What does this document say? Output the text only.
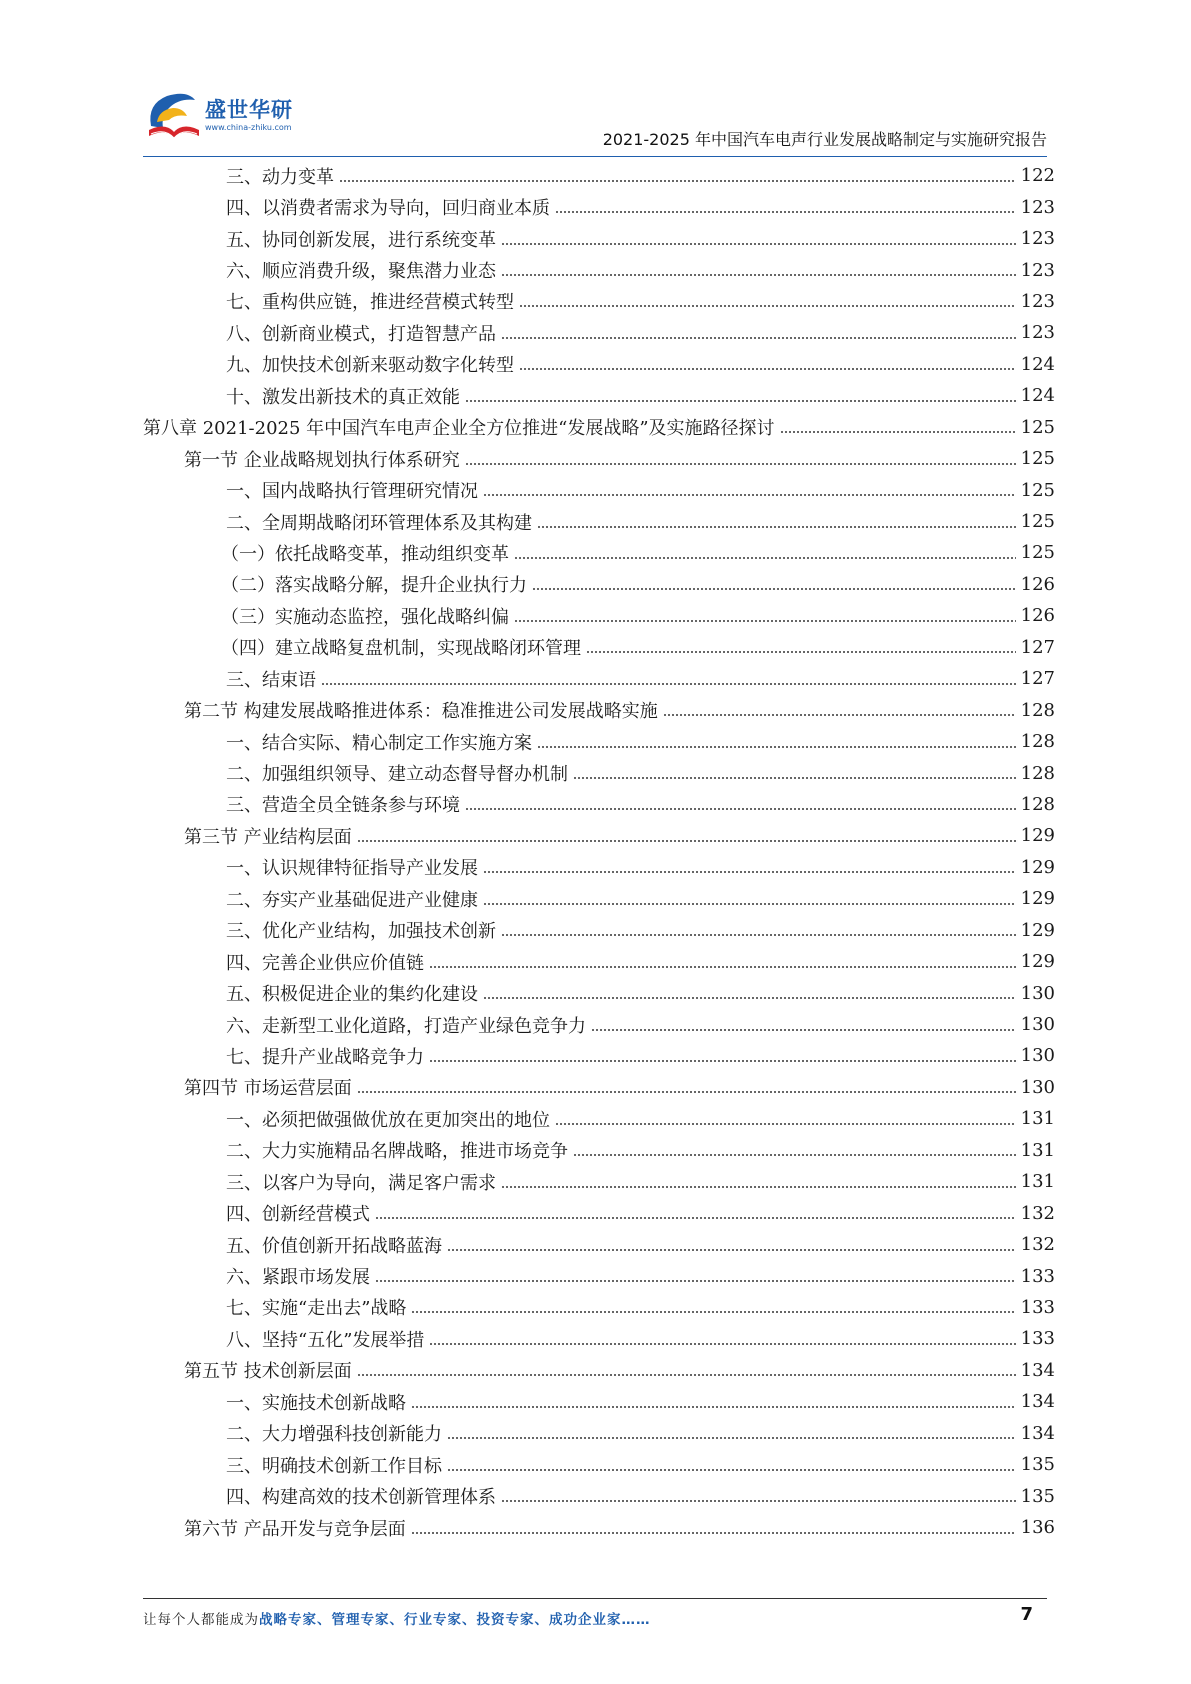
盛世华研
www.china-zhiku.com
2021-2025 年中国汽车电声行业发展战略制定与实施研究报告
三、动力变革	122
四、以消费者需求为导向，回归商业本质	123
五、协同创新发展，进行系统变革	123
六、顺应消费升级，聚焦潜力业态	123
七、重构供应链，推进经营模式转型	123
八、创新商业模式，打造智慧产品	123
九、加快技术创新来驱动数字化转型	124
十、激发出新技术的真正效能	124
第八章 2021-2025 年中国汽车电声企业全方位推进“发展战略”及实施路径探讨	125
第一节 企业战略规划执行体系研究	125
一、国内战略执行管理研究情况	125
二、全周期战略闭环管理体系及其构建	125
（一）依托战略变革，推动组织变革	125
（二）落实战略分解，提升企业执行力	126
（三）实施动态监控，强化战略纠偏	126
（四）建立战略复盘机制，实现战略闭环管理	127
三、结束语	127
第二节 构建发展战略推进体系：稳准推进公司发展战略实施	128
一、结合实际、精心制定工作实施方案	128
二、加强组织领导、建立动态督导督办机制	128
三、营造全员全链条参与环境	128
第三节 产业结构层面	129
一、认识规律特征指导产业发展	129
二、夯实产业基础促进产业健康	129
三、优化产业结构，加强技术创新	129
四、完善企业供应价值链	129
五、积极促进企业的集约化建设	130
六、走新型工业化道路，打造产业绿色竞争力	130
七、提升产业战略竞争力	130
第四节 市场运营层面	130
一、必须把做强做优放在更加突出的地位	131
二、大力实施精品名牌战略，推进市场竞争	131
三、以客户为导向，满足客户需求	131
四、创新经营模式	132
五、价值创新开拓战略蓝海	132
六、紧跟市场发展	133
七、实施“走出去”战略	133
八、坚持“五化”发展举措	133
第五节 技术创新层面	134
一、实施技术创新战略	134
二、大力增强科技创新能力	134
三、明确技术创新工作目标	135
四、构建高效的技术创新管理体系	135
第六节 产品开发与竞争层面	136
让每个人都能成为战略专家、管理专家、行业专家、投资专家、成功企业家……	7
